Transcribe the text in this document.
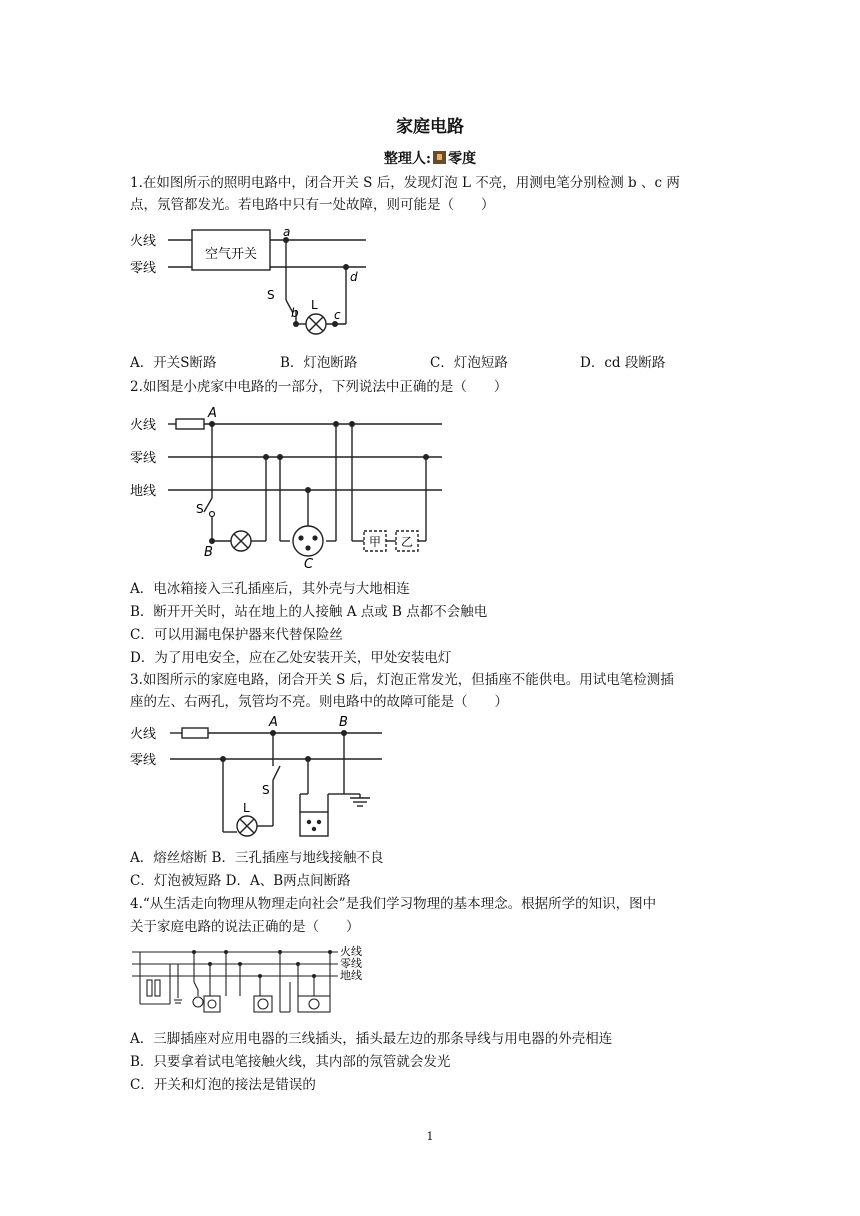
家庭电路
整理人: 零度
1.在如图所示的照明电路中，闭合开关 S 后，发现灯泡 L 不亮，用测电笔分别检测 b 、c 两
点，氖管都发光。若电路中只有一处故障，则可能是（　　）
火线
零线
空气开关
a
d
S
L
b	c
A．开关S断路	B．灯泡断路	C．灯泡短路	D．cd 段断路
2.如图是小虎家中电路的一部分，下列说法中正确的是（　　）
火线
零线
地线
A
S
B
C
甲 乙
A．电冰箱接入三孔插座后，其外壳与大地相连
B．断开开关时，站在地上的人接触 A 点或 B 点都不会触电
C．可以用漏电保护器来代替保险丝
D．为了用电安全，应在乙处安装开关，甲处安装电灯
3.如图所示的家庭电路，闭合开关 S 后，灯泡正常发光，但插座不能供电。用试电笔检测插
座的左、右两孔，氖管均不亮。则电路中的故障可能是（　　）
火线
零线
A	B
S
L
A．熔丝熔断 B．三孔插座与地线接触不良
C．灯泡被短路 D．A、B两点间断路
4.“从生活走向物理从物理走向社会”是我们学习物理的基本理念。根据所学的知识，图中
关于家庭电路的说法正确的是（　　）
火线
零线
地线
A．三脚插座对应用电器的三线插头，插头最左边的那条导线与用电器的外壳相连
B．只要拿着试电笔接触火线，其内部的氖管就会发光
C．开关和灯泡的接法是错误的
1
